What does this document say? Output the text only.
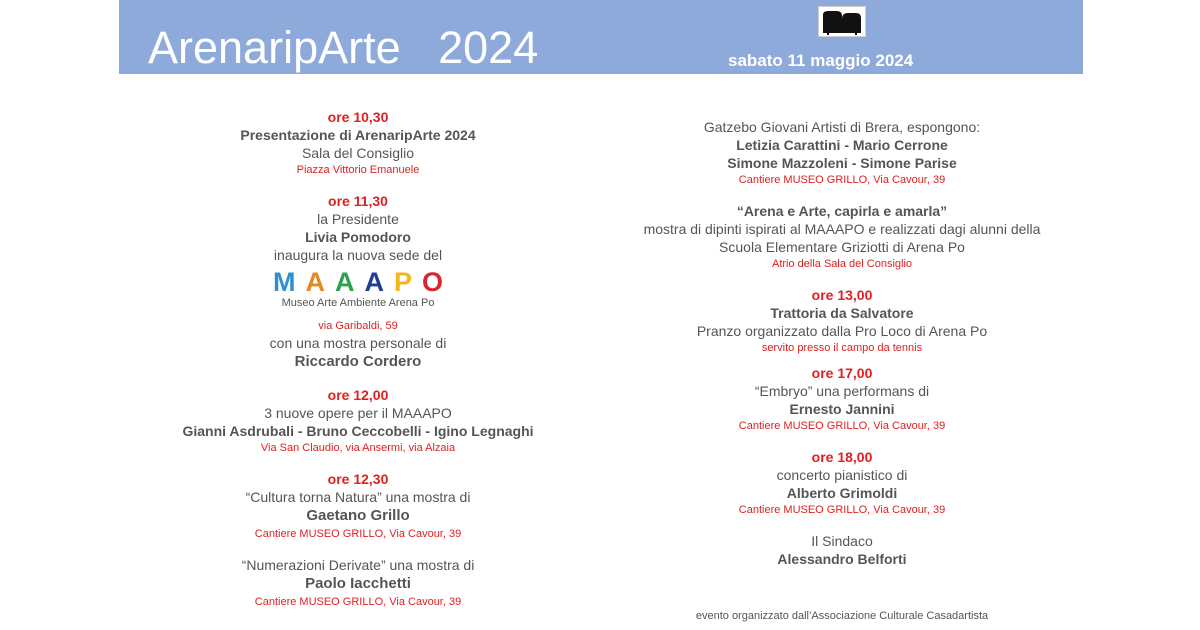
ArenaripArte   2024	sabato 11 maggio 2024
ore 10,30
Presentazione di ArenaripArte 2024
Sala del Consiglio
Piazza Vittorio Emanuele
ore 11,30
la Presidente
Livia Pomodoro
inaugura la nuova sede del
MAAAPO
Museo Arte Ambiente Arena Po
via Garibaldi, 59
con una mostra personale di
Riccardo Cordero
ore 12,00
3 nuove opere per il MAAAPO
Gianni Asdrubali - Bruno Ceccobelli - Igino Legnaghi
Via San Claudio, via Ansermi, via Alzaia
ore 12,30
“Cultura torna Natura” una mostra di
Gaetano Grillo
Cantiere MUSEO GRILLO, Via Cavour, 39
“Numerazioni Derivate” una mostra di
Paolo Iacchetti
Cantiere MUSEO GRILLO, Via Cavour, 39
Gatzebo Giovani Artisti di Brera, espongono:
Letizia Carattini - Mario Cerrone
Simone Mazzoleni - Simone Parise
Cantiere MUSEO GRILLO, Via Cavour, 39
“Arena e Arte, capirla e amarla”
mostra di dipinti ispirati al MAAAPO e realizzati dagi alunni della
Scuola Elementare Griziotti di Arena Po
Atrio della Sala del Consiglio
ore 13,00
Trattoria da Salvatore
Pranzo organizzato dalla Pro Loco di Arena Po
servito presso il campo da tennis
ore 17,00
“Embryo” una performans di
Ernesto Jannini
Cantiere MUSEO GRILLO, Via Cavour, 39
ore 18,00
concerto pianistico di
Alberto Grimoldi
Cantiere MUSEO GRILLO, Via Cavour, 39
Il Sindaco
Alessandro Belforti
evento organizzato dall’Associazione Culturale Casadartista
